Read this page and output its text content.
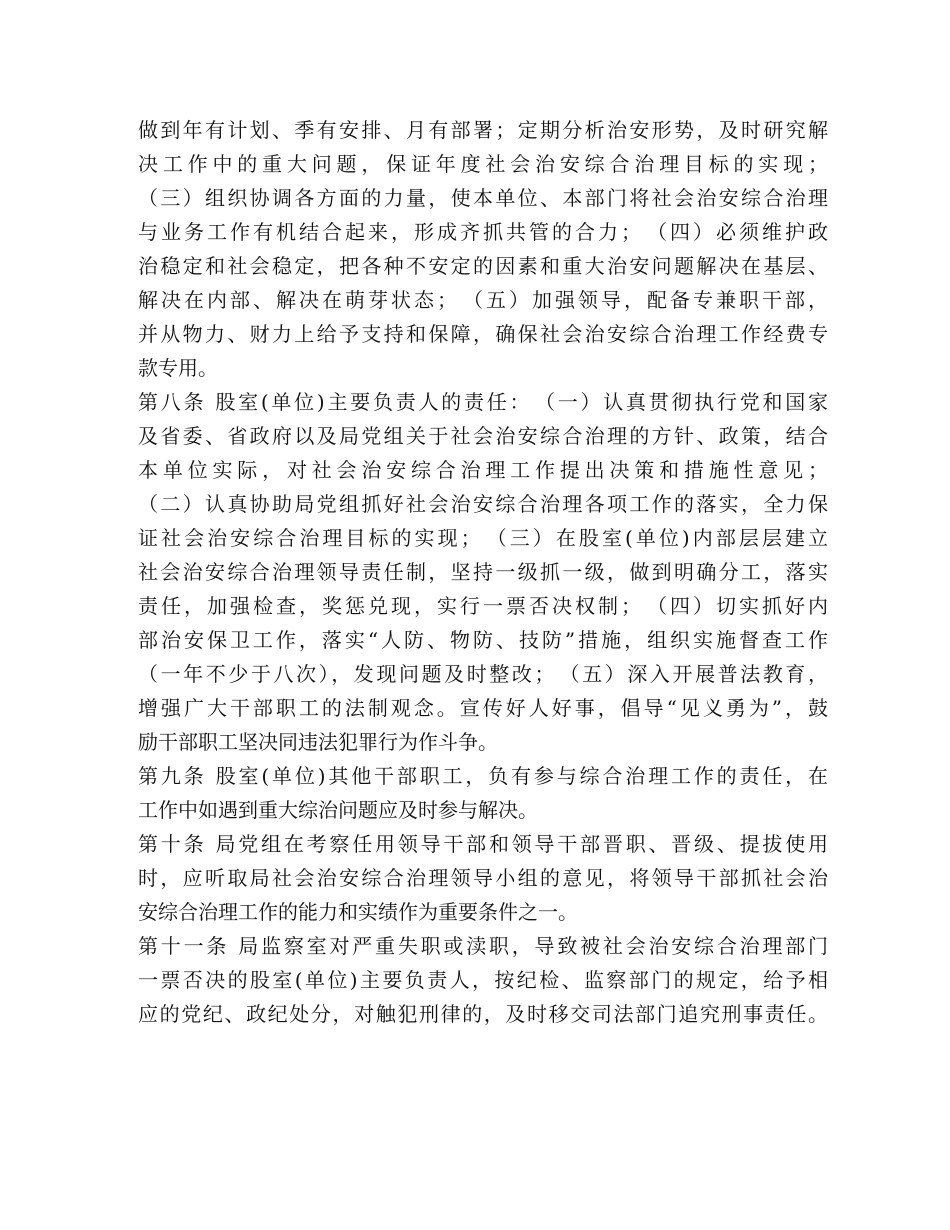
做到年有计划、季有安排、月有部署；定期分析治安形势，及时研究解
决工作中的重大问题，保证年度社会治安综合治理目标的实现；
（三）组织协调各方面的力量，使本单位、本部门将社会治安综合治理
与业务工作有机结合起来，形成齐抓共管的合力；　（四）必须维护政
治稳定和社会稳定，把各种不安定的因素和重大治安问题解决在基层、
解决在内部、解决在萌芽状态；　（五）加强领导，配备专兼职干部，
并从物力、财力上给予支持和保障，确保社会治安综合治理工作经费专
款专用。
第八条 股室(单位)主要负责人的责任：　（一）认真贯彻执行党和国家
及省委、省政府以及局党组关于社会治安综合治理的方针、政策，结合
本单位实际，对社会治安综合治理工作提出决策和措施性意见；
（二）认真协助局党组抓好社会治安综合治理各项工作的落实，全力保
证社会治安综合治理目标的实现；　（三）在股室(单位)内部层层建立
社会治安综合治理领导责任制，坚持一级抓一级，做到明确分工，落实
责任，加强检查，奖惩兑现，实行一票否决权制；　（四）切实抓好内
部治安保卫工作，落实“人防、物防、技防”措施，组织实施督查工作
（一年不少于八次），发现问题及时整改；　（五）深入开展普法教育，
增强广大干部职工的法制观念。宣传好人好事，倡导“见义勇为”，鼓
励干部职工坚决同违法犯罪行为作斗争。
第九条 股室(单位)其他干部职工，负有参与综合治理工作的责任，在
工作中如遇到重大综治问题应及时参与解决。
第十条 局党组在考察任用领导干部和领导干部晋职、晋级、提拔使用
时，应听取局社会治安综合治理领导小组的意见，将领导干部抓社会治
安综合治理工作的能力和实绩作为重要条件之一。
第十一条 局监察室对严重失职或渎职，导致被社会治安综合治理部门
一票否决的股室(单位)主要负责人，按纪检、监察部门的规定，给予相
应的党纪、政纪处分，对触犯刑律的，及时移交司法部门追究刑事责任。
